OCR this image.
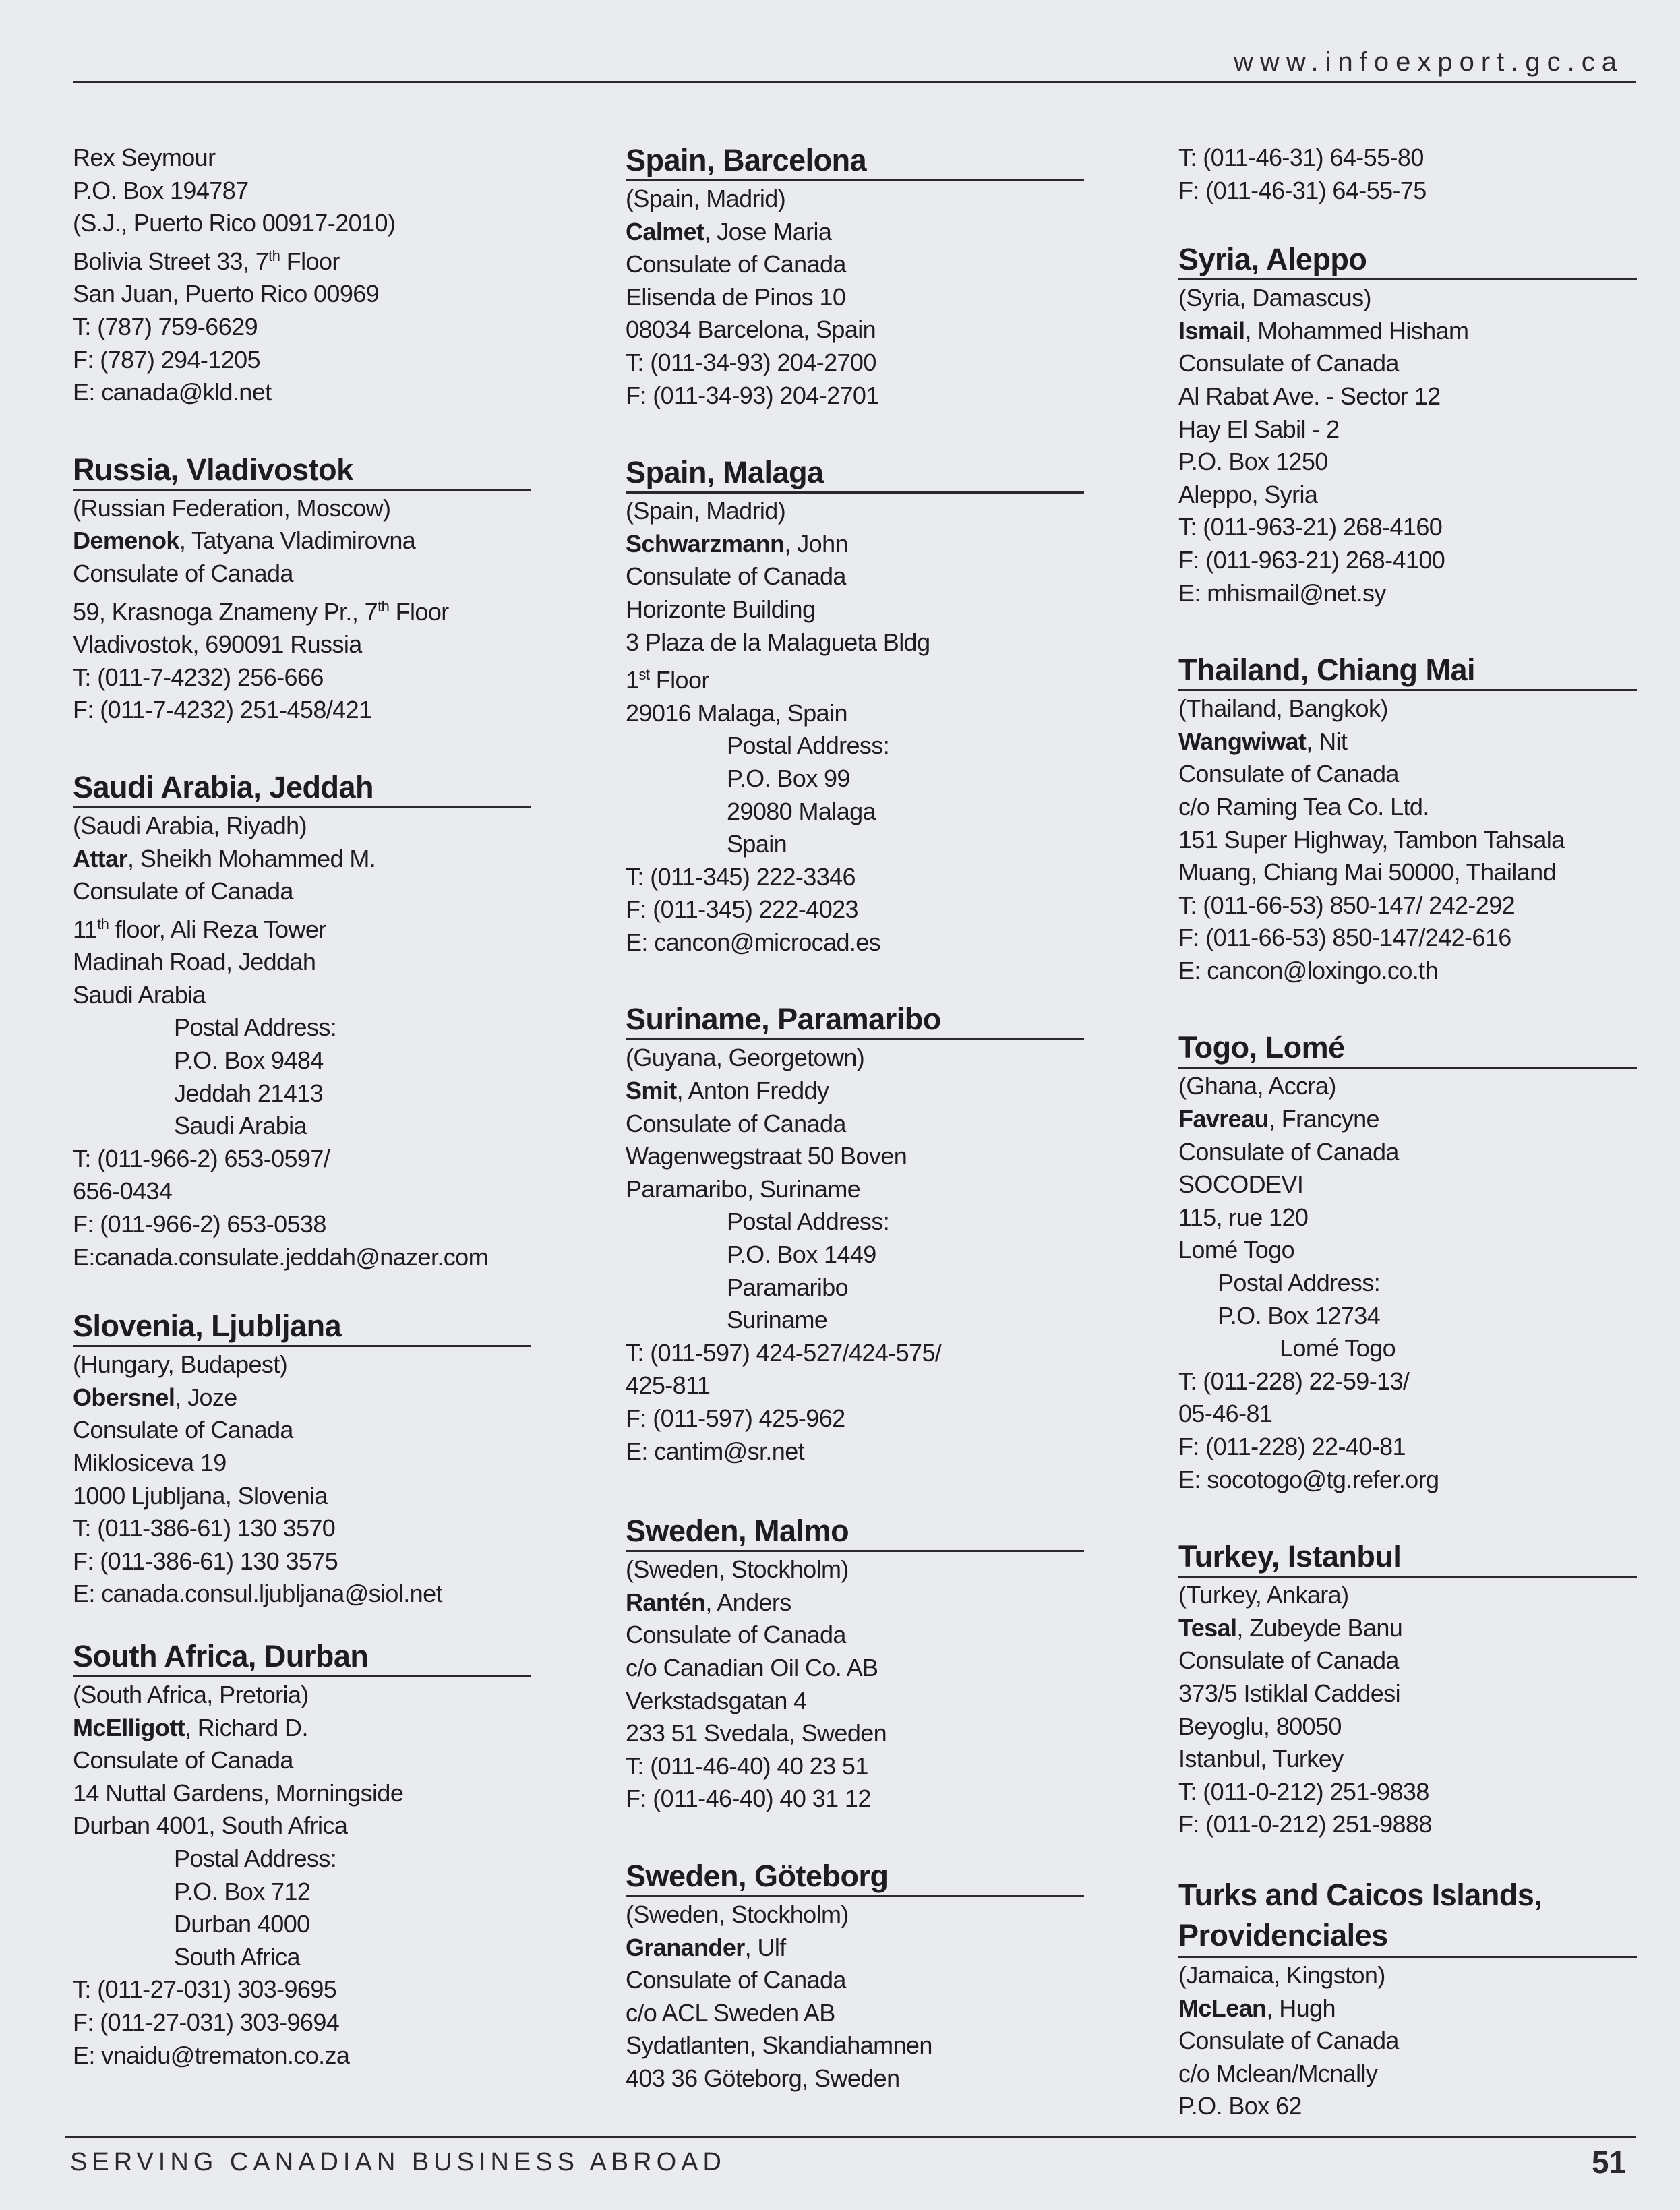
www.infoexport.gc.ca
Rex Seymour
P.O. Box 194787
(S.J., Puerto Rico 00917-2010)
Bolivia Street 33, 7th Floor
San Juan, Puerto Rico 00969
T: (787) 759-6629
F: (787) 294-1205
E: canada@kld.net
Russia, Vladivostok
(Russian Federation, Moscow)
Demenok, Tatyana Vladimirovna
Consulate of Canada
59, Krasnoga Znameny Pr., 7th Floor
Vladivostok, 690091 Russia
T: (011-7-4232) 256-666
F: (011-7-4232) 251-458/421
Saudi Arabia, Jeddah
(Saudi Arabia, Riyadh)
Attar, Sheikh Mohammed M.
Consulate of Canada
11th floor, Ali Reza Tower
Madinah Road, Jeddah
Saudi Arabia
Postal Address:
P.O. Box 9484
Jeddah 21413
Saudi Arabia
T: (011-966-2) 653-0597/
656-0434
F: (011-966-2) 653-0538
E:canada.consulate.jeddah@nazer.com
Slovenia, Ljubljana
(Hungary, Budapest)
Obersnel, Joze
Consulate of Canada
Miklosiceva 19
1000 Ljubljana, Slovenia
T: (011-386-61) 130 3570
F: (011-386-61) 130 3575
E: canada.consul.ljubljana@siol.net
South Africa, Durban
(South Africa, Pretoria)
McElligott, Richard D.
Consulate of Canada
14 Nuttal Gardens, Morningside
Durban 4001, South Africa
Postal Address:
P.O. Box 712
Durban 4000
South Africa
T: (011-27-031) 303-9695
F: (011-27-031) 303-9694
E: vnaidu@trematon.co.za
Spain, Barcelona
(Spain, Madrid)
Calmet, Jose Maria
Consulate of Canada
Elisenda de Pinos 10
08034 Barcelona, Spain
T: (011-34-93) 204-2700
F: (011-34-93) 204-2701
Spain, Malaga
(Spain, Madrid)
Schwarzmann, John
Consulate of Canada
Horizonte Building
3 Plaza de la Malagueta Bldg
1st Floor
29016 Malaga, Spain
Postal Address:
P.O. Box 99
29080 Malaga
Spain
T: (011-345) 222-3346
F: (011-345) 222-4023
E: cancon@microcad.es
Suriname, Paramaribo
(Guyana, Georgetown)
Smit, Anton Freddy
Consulate of Canada
Wagenwegstraat 50 Boven
Paramaribo, Suriname
Postal Address:
P.O. Box 1449
Paramaribo
Suriname
T: (011-597) 424-527/424-575/
425-811
F: (011-597) 425-962
E: cantim@sr.net
Sweden, Malmo
(Sweden, Stockholm)
Rantén, Anders
Consulate of Canada
c/o Canadian Oil Co. AB
Verkstadsgatan 4
233 51 Svedala, Sweden
T: (011-46-40) 40 23 51
F: (011-46-40) 40 31 12
Sweden, Göteborg
(Sweden, Stockholm)
Granander, Ulf
Consulate of Canada
c/o ACL Sweden AB
Sydatlanten, Skandiahamnen
403 36 Göteborg, Sweden
T: (011-46-31) 64-55-80
F: (011-46-31) 64-55-75
Syria, Aleppo
(Syria, Damascus)
Ismail, Mohammed Hisham
Consulate of Canada
Al Rabat Ave. - Sector 12
Hay El Sabil - 2
P.O. Box 1250
Aleppo, Syria
T: (011-963-21) 268-4160
F: (011-963-21) 268-4100
E: mhismail@net.sy
Thailand, Chiang Mai
(Thailand, Bangkok)
Wangwiwat, Nit
Consulate of Canada
c/o Raming Tea Co. Ltd.
151 Super Highway, Tambon Tahsala
Muang, Chiang Mai 50000, Thailand
T: (011-66-53) 850-147/ 242-292
F: (011-66-53) 850-147/242-616
E: cancon@loxingo.co.th
Togo, Lomé
(Ghana, Accra)
Favreau, Francyne
Consulate of Canada
SOCODEVI
115, rue 120
Lomé Togo
Postal Address:
P.O. Box 12734
Lomé Togo
T: (011-228) 22-59-13/
05-46-81
F: (011-228) 22-40-81
E: socotogo@tg.refer.org
Turkey, Istanbul
(Turkey, Ankara)
Tesal, Zubeyde Banu
Consulate of Canada
373/5 Istiklal Caddesi
Beyoglu, 80050
Istanbul, Turkey
T: (011-0-212) 251-9838
F: (011-0-212) 251-9888
Turks and Caicos Islands, Providenciales
(Jamaica, Kingston)
McLean, Hugh
Consulate of Canada
c/o Mclean/Mcnally
P.O. Box 62
SERVING CANADIAN BUSINESS ABROAD	51
